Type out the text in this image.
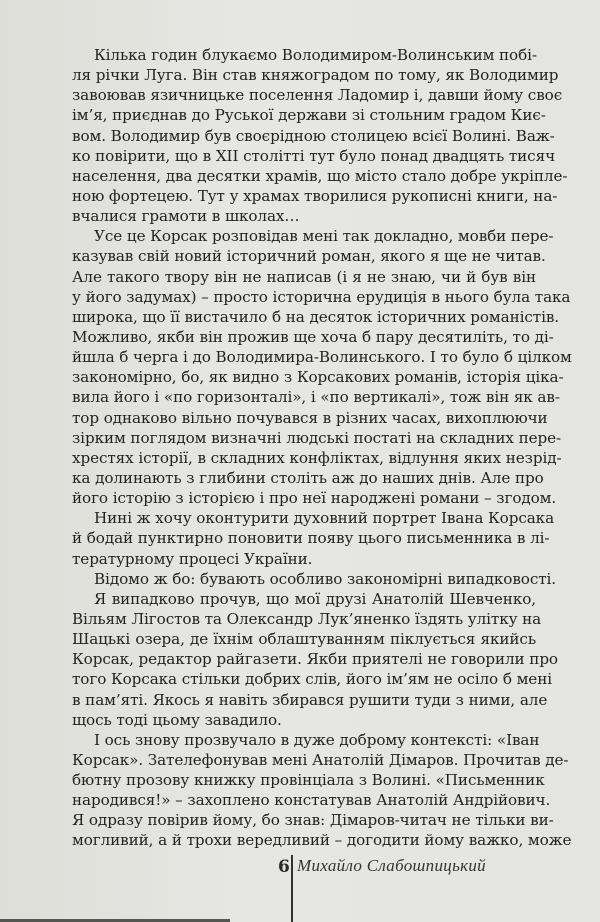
Кілька годин блукаємо Володимиром-Волинським побі-
ля річки Луга. Він став княжоградом по тому, як Володимир
завоював язичницьке поселення Ладомир і, давши йому своє
ім’я, приєднав до Руської держави зі стольним градом Киє-
вом. Володимир був своєрідною столицею всієї Волині. Важ-
ко повірити, що в XII столітті тут було понад двадцять тисяч
населення, два десятки храмів, що місто стало добре укріпле-
ною фортецею. Тут у храмах творилися рукописні книги, на-
вчалися грамоти в школах…
Усе це Корсак розповідав мені так докладно, мовби пере-
казував свій новий історичний роман, якого я ще не читав.
Але такого твору він не написав (і я не знаю, чи й був він
у його задумах) – просто історична ерудиція в нього була така
широка, що її вистачило б на десяток історичних романістів.
Можливо, якби він прожив ще хоча б пару десятиліть, то ді-
йшла б черга і до Володимира-Волинського. І то було б цілком
закономірно, бо, як видно з Корсакових романів, історія ціка-
вила його і «по горизонталі», і «по вертикалі», тож він як ав-
тор однаково вільно почувався в різних часах, вихоплюючи
зірким поглядом визначні людські постаті на складних пере-
хрестях історії, в складних конфліктах, відлуння яких незрід-
ка долинають з глибини століть аж до наших днів. Але про
його історію з історією і про неї народжені романи – згодом.
Нині ж хочу оконтурити духовний портрет Івана Корсака
й бодай пунктирно поновити появу цього письменника в лі-
тературному процесі України.
Відомо ж бо: бувають особливо закономірні випадковості.
Я випадково прочув, що мої друзі Анатолій Шевченко,
Вільям Лігостов та Олександр Лук’яненко їздять улітку на
Шацькі озера, де їхнім облаштуванням піклується якийсь
Корсак, редактор райгазети. Якби приятелі не говорили про
того Корсака стільки добрих слів, його ім’ям не осіло б мені
в пам’яті. Якось я навіть збирався рушити туди з ними, але
щось тоді цьому завадило.
І ось знову прозвучало в дуже доброму контексті: «Іван
Корсак». Зателефонував мені Анатолій Дімаров. Прочитав де-
бютну прозову книжку провінціала з Волині. «Письменник
народився!» – захоплено констатував Анатолій Андрійович.
Я одразу повірив йому, бо знав: Дімаров-читач не тільки ви-
могливий, а й трохи вередливий – догодити йому важко, може
6 Михайло Слабошпицький
